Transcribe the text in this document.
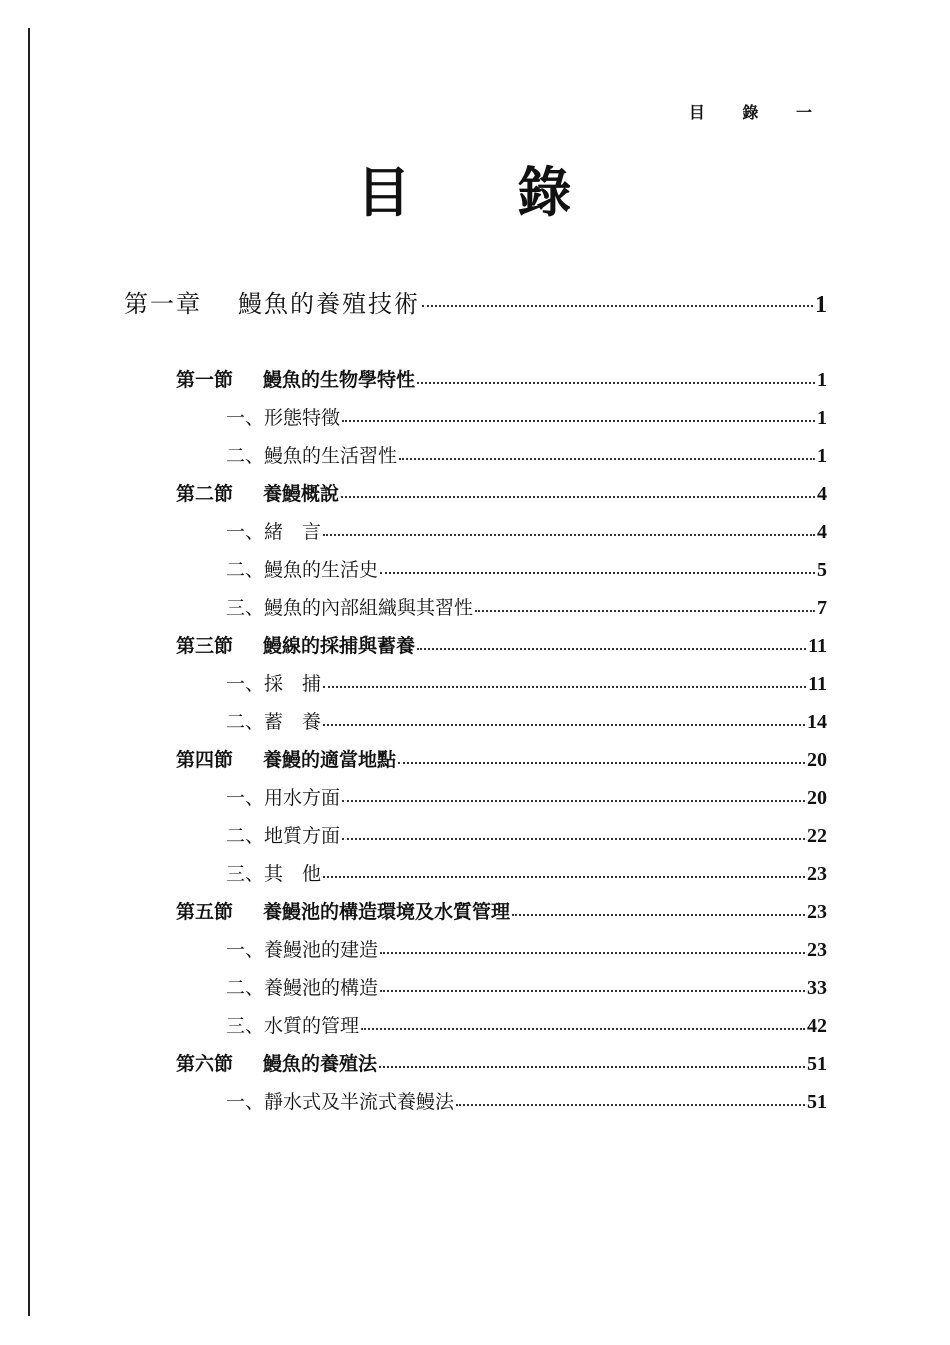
目 錄 一
目 錄
第一章 鰻魚的養殖技術	1
第一節 鰻魚的生物學特性	1
一、形態特徵	1
二、鰻魚的生活習性	1
第二節 養鰻概說	4
一、緒　言	4
二、鰻魚的生活史	5
三、鰻魚的內部組織與其習性	7
第三節 鰻線的採捕與蓄養	11
一、採　捕	11
二、蓄　養	14
第四節 養鰻的適當地點	20
一、用水方面	20
二、地質方面	22
三、其　他	23
第五節 養鰻池的構造環境及水質管理	23
一、養鰻池的建造	23
二、養鰻池的構造	33
三、水質的管理	42
第六節 鰻魚的養殖法	51
一、靜水式及半流式養鰻法	51
